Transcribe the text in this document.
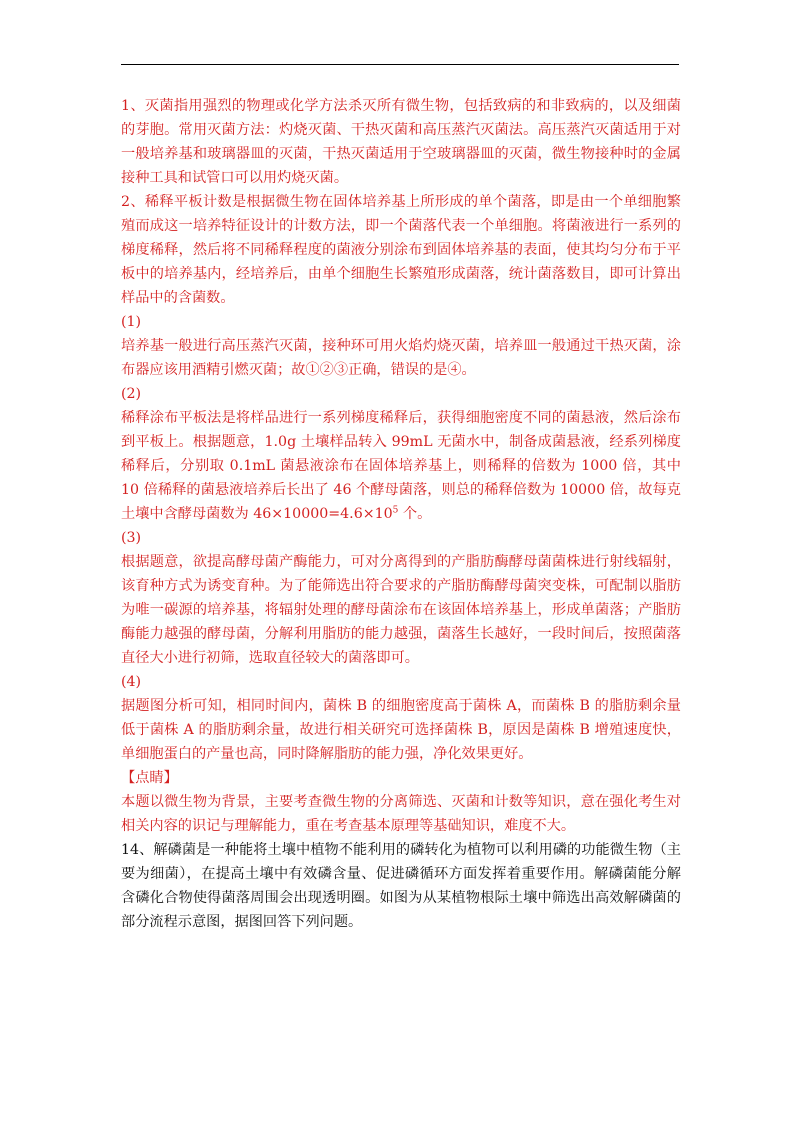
1、灭菌指用强烈的物理或化学方法杀灭所有微生物，包括致病的和非致病的，以及细菌的芽胞。常用灭菌方法：灼烧灭菌、干热灭菌和高压蒸汽灭菌法。高压蒸汽灭菌适用于对一般培养基和玻璃器皿的灭菌，干热灭菌适用于空玻璃器皿的灭菌，微生物接种时的金属接种工具和试管口可以用灼烧灭菌。

2、稀释平板计数是根据微生物在固体培养基上所形成的单个菌落，即是由一个单细胞繁殖而成这一培养特征设计的计数方法，即一个菌落代表一个单细胞。将菌液进行一系列的梯度稀释，然后将不同稀释程度的菌液分别涂布到固体培养基的表面，使其均匀分布于平板中的培养基内，经培养后，由单个细胞生长繁殖形成菌落，统计菌落数目，即可计算出样品中的含菌数。

(1)

培养基一般进行高压蒸汽灭菌，接种环可用火焰灼烧灭菌，培养皿一般通过干热灭菌，涂布器应该用酒精引燃灭菌；故①②③正确，错误的是④。

(2)

稀释涂布平板法是将样品进行一系列梯度稀释后，获得细胞密度不同的菌悬液，然后涂布到平板上。根据题意，1.0g 土壤样品转入 99mL 无菌水中，制备成菌悬液，经系列梯度稀释后，分别取 0.1mL 菌悬液涂布在固体培养基上，则稀释的倍数为 1000 倍，其中 10 倍稀释的菌悬液培养后长出了 46 个酵母菌落，则总的稀释倍数为 10000 倍，故每克土壤中含酵母菌数为 $46\times 10000=4.6\times 10^5$ 个。

(3)

根据题意，欲提高酵母菌产酶能力，可对分离得到的产脂肪酶酵母菌菌株进行射线辐射，该育种方式为诱变育种。为了能筛选出符合要求的产脂肪酶酵母菌突变株，可配制以脂肪为唯一碳源的培养基，将辐射处理的酵母菌涂布在该固体培养基上，形成单菌落；产脂肪酶能力越强的酵母菌，分解利用脂肪的能力越强，菌落生长越好，一段时间后，按照菌落直径大小进行初筛，选取直径较大的菌落即可。

(4)

据题图分析可知，相同时间内，菌株 B 的细胞密度高于菌株 A，而菌株 B 的脂肪剩余量低于菌株 A 的脂肪剩余量，故进行相关研究可选择菌株 B，原因是菌株 B 增殖速度快，单细胞蛋白的产量也高，同时降解脂肪的能力强，净化效果更好。

【点睛】

本题以微生物为背景，主要考查微生物的分离筛选、灭菌和计数等知识，意在强化考生对相关内容的识记与理解能力，重在考查基本原理等基础知识，难度不大。

14、解磷菌是一种能将土壤中植物不能利用的磷转化为植物可以利用磷的功能微生物（主要为细菌），在提高土壤中有效磷含量、促进磷循环方面发挥着重要作用。解磷菌能分解含磷化合物使得菌落周围会出现透明圈。如图为从某植物根际土壤中筛选出高效解磷菌的部分流程示意图，据图回答下列问题。
